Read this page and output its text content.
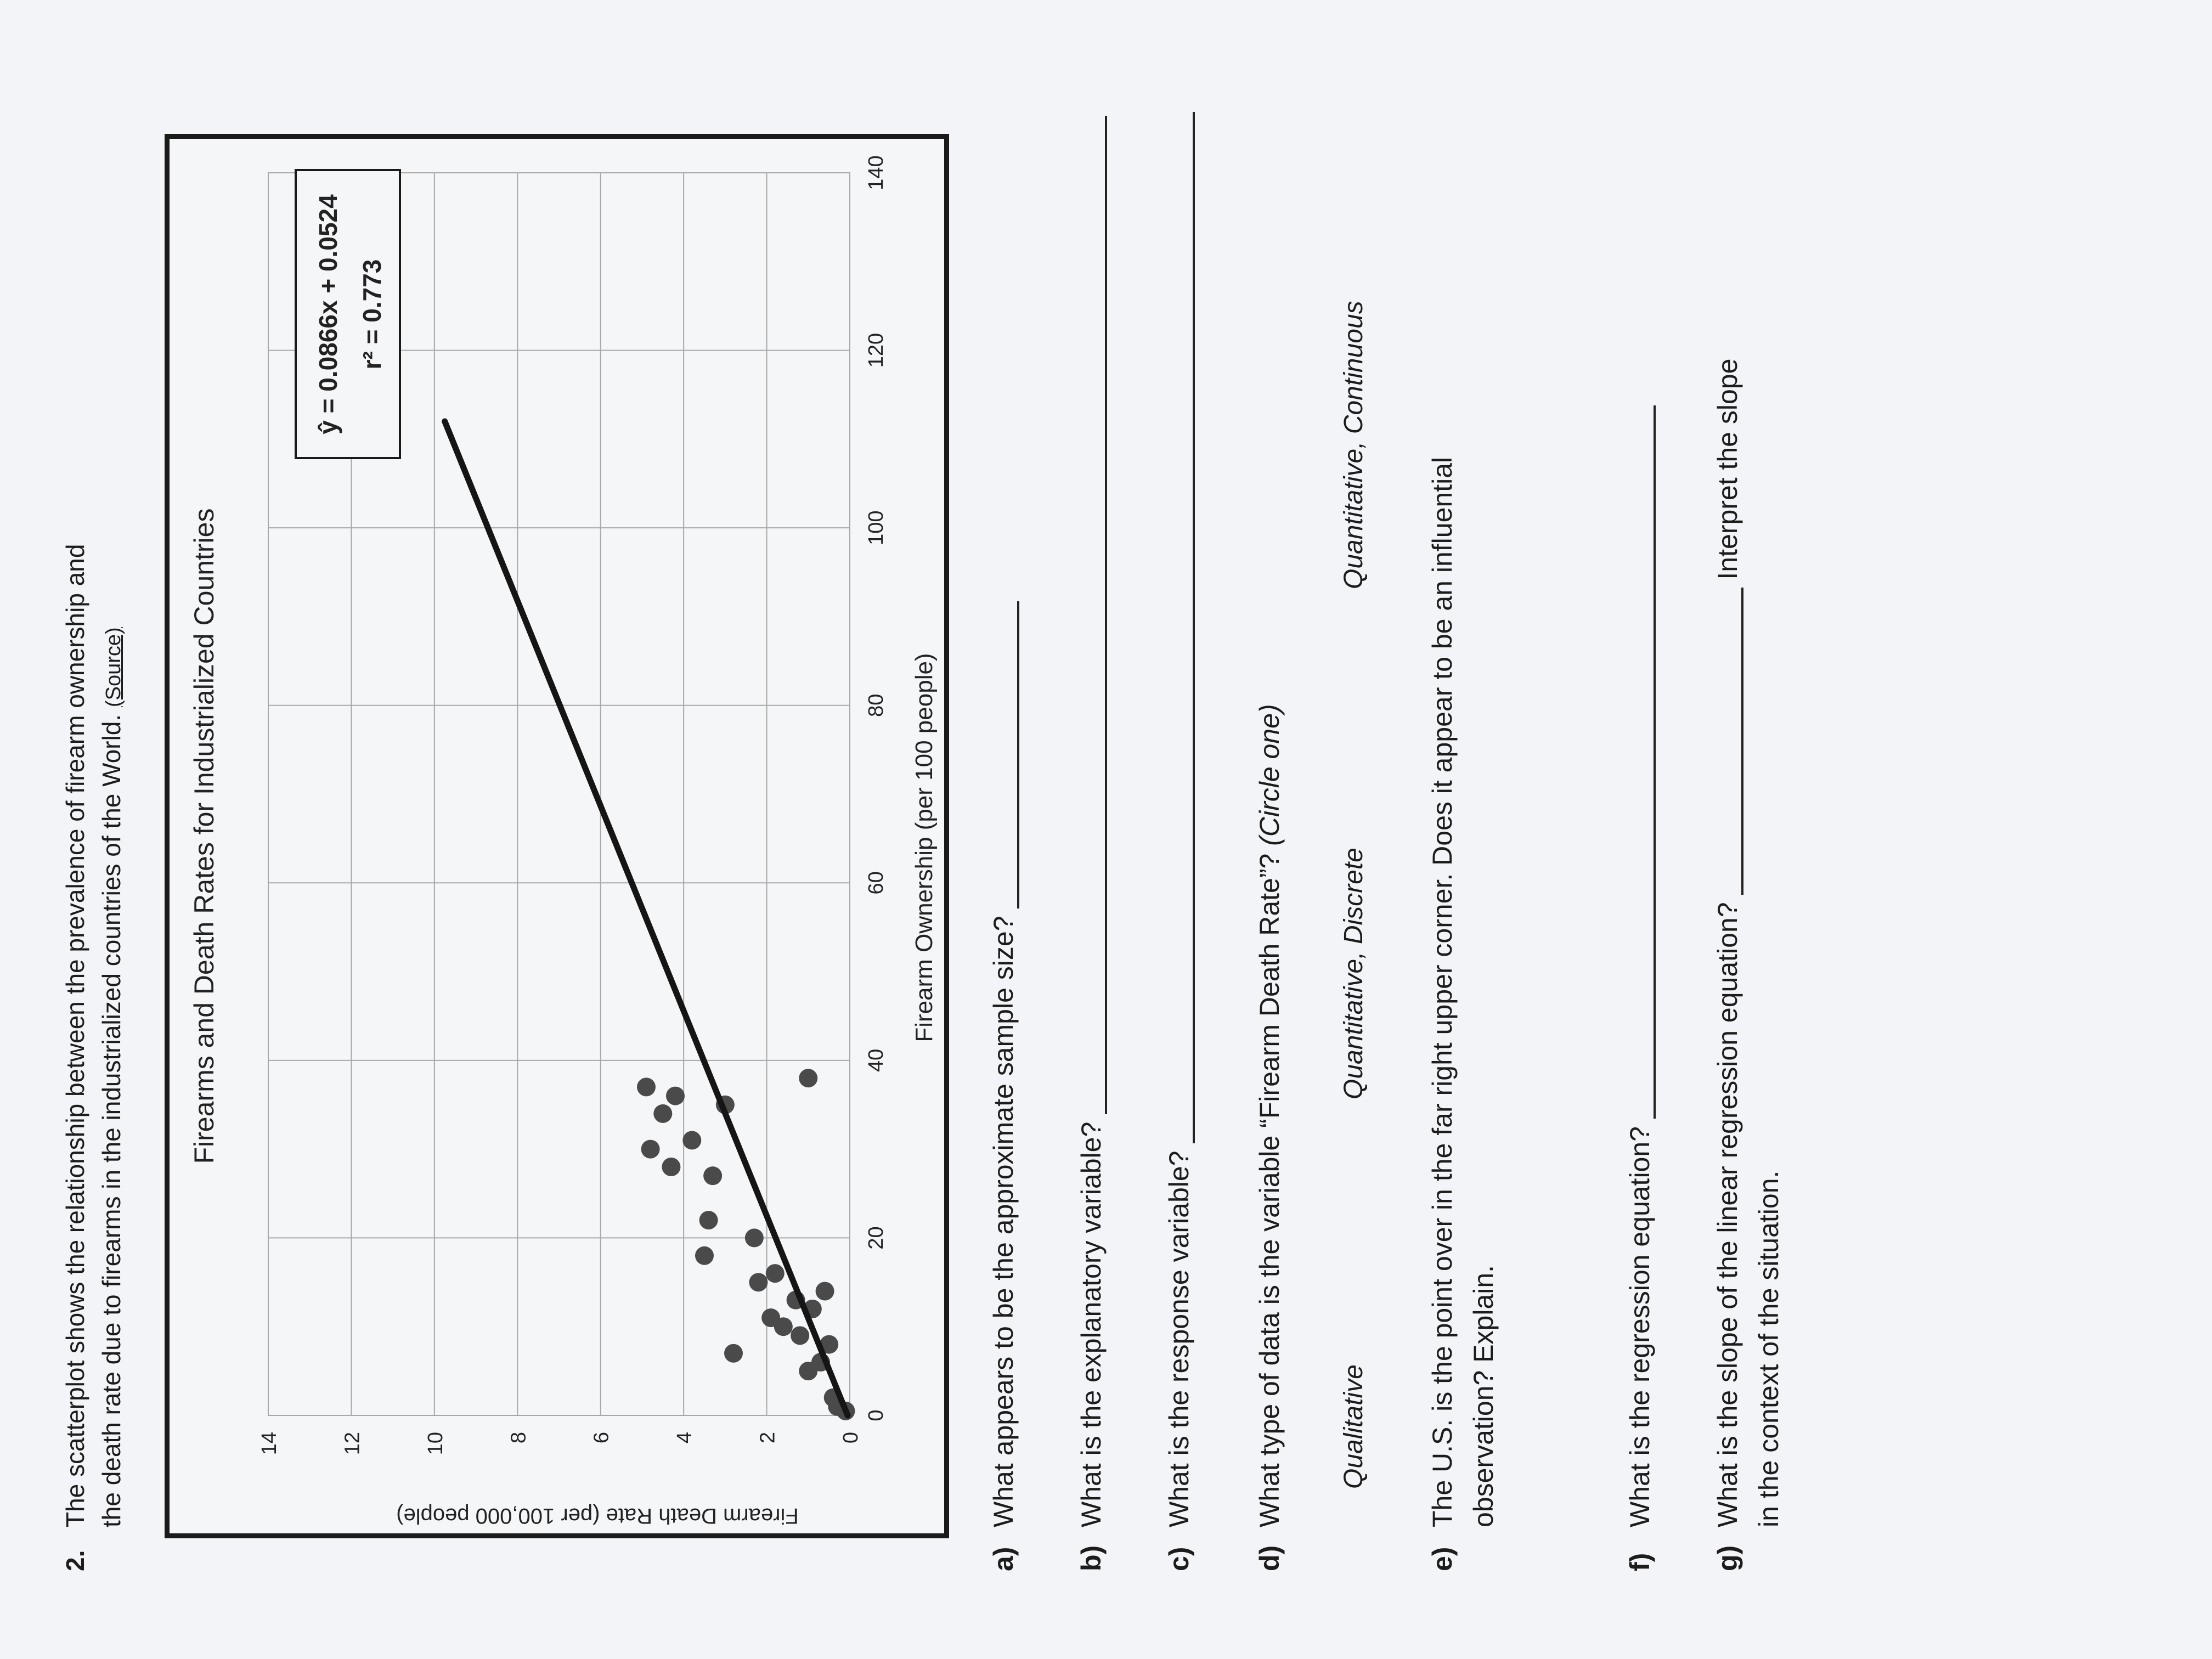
2.
The scatterplot shows the relationship between the prevalence of firearm ownership and the death rate due to firearms in the industrialized countries of the World. (Source) Firearms and Death Rates for Industrialized Countries
Firearm Death Rate (per 100,000 people)
Firearm Ownership (per 100 people)
0
20
40
60
80
100
120
140
0
2
4
6
8
10
12
14
ŷ = 0.0866x + 0.0524 r² = 0.773
a)
What appears to be the approximate sample size?
b)
What is the explanatory variable?
c)
What is the response variable?
d)
What type of data is the variable “Firearm Death Rate”? (Circle one)
Qualitative
Quantitative, Discrete
Quantitative, Continuous
e)
The U.S. is the point over in the far right upper corner. Does it appear to be an influential observation? Explain.
f)
What is the regression equation?
g)
What is the slope of the linear regression equation?  Interpret the slope
in the context of the situation.
